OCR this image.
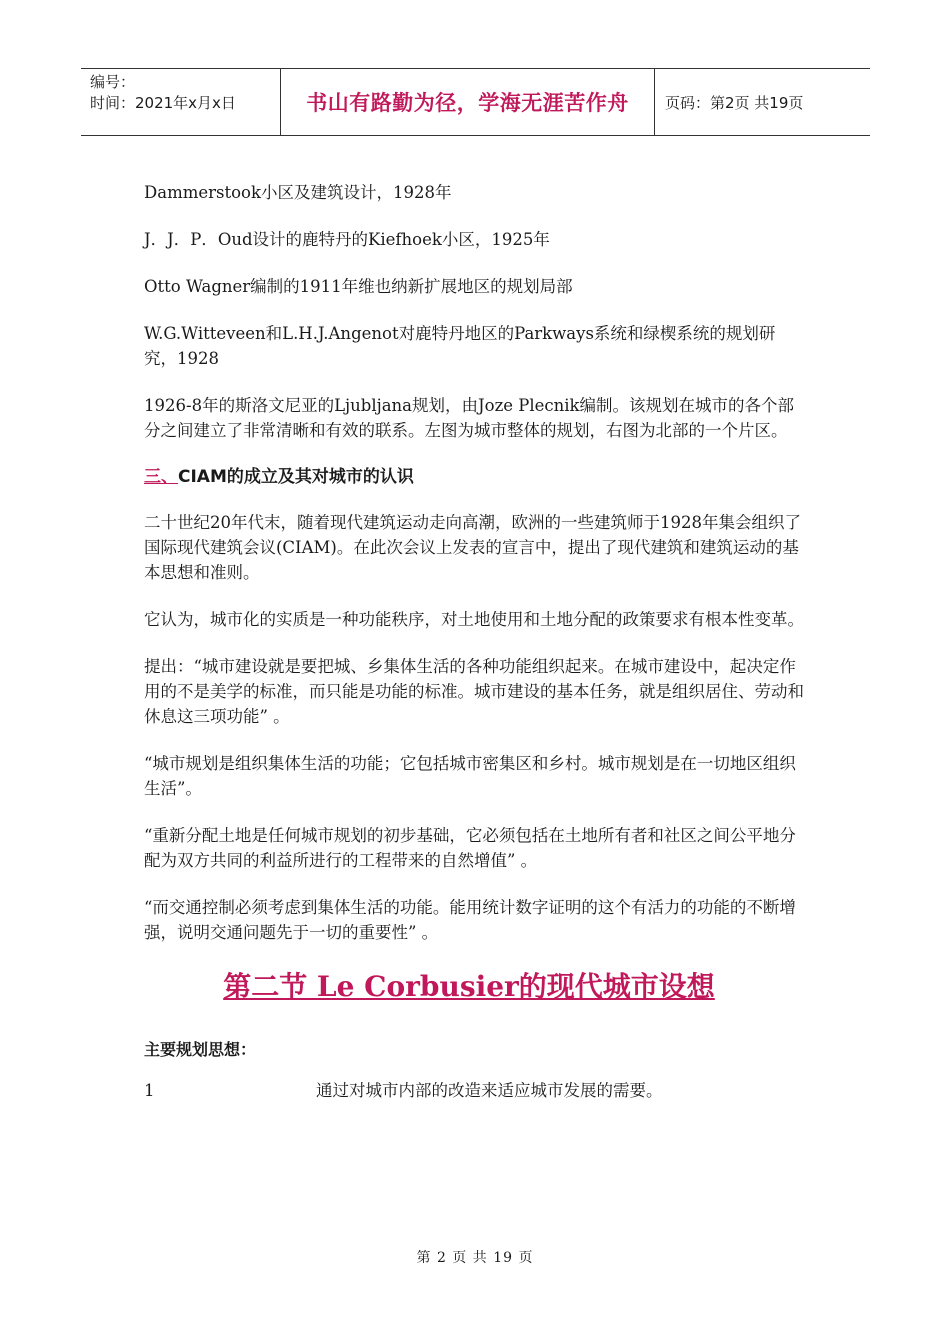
编号：
时间：2021年x月x日	书山有路勤为径，学海无涯苦作舟	页码：第2页 共19页

Dammerstook小区及建筑设计，1928年

J．J．P．Oud设计的鹿特丹的Kiefhoek小区，1925年

Otto Wagner编制的1911年维也纳新扩展地区的规划局部

W.G.Witteveen和L.H.J.Angenot对鹿特丹地区的Parkways系统和绿楔系统的规划研究，1928

1926-8年的斯洛文尼亚的Ljubljana规划，由Joze Plecnik编制。该规划在城市的各个部分之间建立了非常清晰和有效的联系。左图为城市整体的规划，右图为北部的一个片区。

三、CIAM的成立及其对城市的认识

二十世纪20年代末，随着现代建筑运动走向高潮，欧洲的一些建筑师于1928年集会组织了国际现代建筑会议(CIAM)。在此次会议上发表的宣言中，提出了现代建筑和建筑运动的基本思想和准则。

它认为，城市化的实质是一种功能秩序，对土地使用和土地分配的政策要求有根本性变革。

提出：“城市建设就是要把城、乡集体生活的各种功能组织起来。在城市建设中，起决定作用的不是美学的标准，而只能是功能的标准。城市建设的基本任务，就是组织居住、劳动和休息这三项功能” 。

“城市规划是组织集体生活的功能；它包括城市密集区和乡村。城市规划是在一切地区组织生活”。

“重新分配土地是任何城市规划的初步基础，它必须包括在土地所有者和社区之间公平地分配为双方共同的利益所进行的工程带来的自然增值” 。

“而交通控制必须考虑到集体生活的功能。能用统计数字证明的这个有活力的功能的不断增强，说明交通问题先于一切的重要性” 。

第二节 Le Corbusier的现代城市设想
主要规划思想：
1	通过对城市内部的改造来适应城市发展的需要。
第 2 页 共 19 页
